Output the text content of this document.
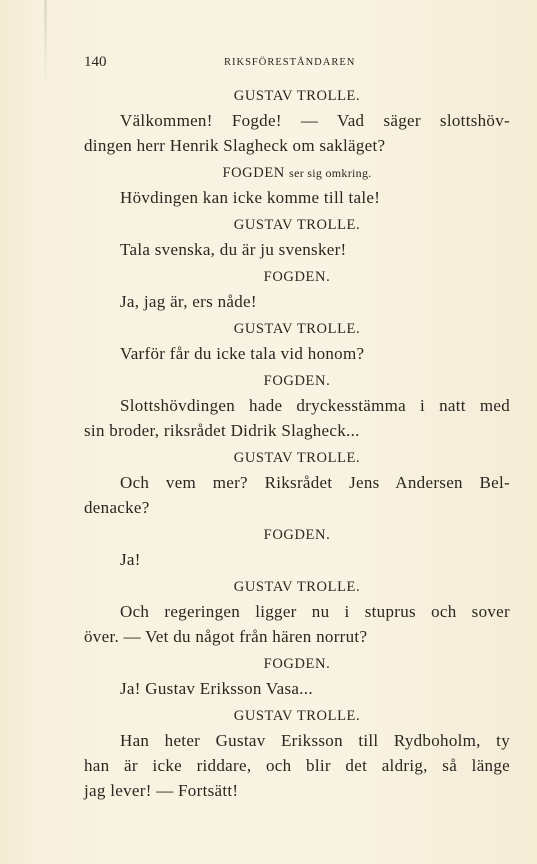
140	RIKSFÖRESTÅNDAREN
GUSTAV TROLLE.
Välkommen! Fogde! — Vad säger slottshöv-
dingen herr Henrik Slagheck om sakläget?
FOGDEN ser sig omkring.
Hövdingen kan icke komme till tale!
GUSTAV TROLLE.
Tala svenska, du är ju svensker!
FOGDEN.
Ja, jag är, ers nåde!
GUSTAV TROLLE.
Varför får du icke tala vid honom?
FOGDEN.
Slottshövdingen hade dryckesstämma i natt med
sin broder, riksrådet Didrik Slagheck...
GUSTAV TROLLE.
Och vem mer? Riksrådet Jens Andersen Bel-
denacke?
FOGDEN.
Ja!
GUSTAV TROLLE.
Och regeringen ligger nu i stuprus och sover
över. — Vet du något från hären norrut?
FOGDEN.
Ja! Gustav Eriksson Vasa...
GUSTAV TROLLE.
Han heter Gustav Eriksson till Rydboholm, ty
han är icke riddare, och blir det aldrig, så länge
jag lever! — Fortsätt!
